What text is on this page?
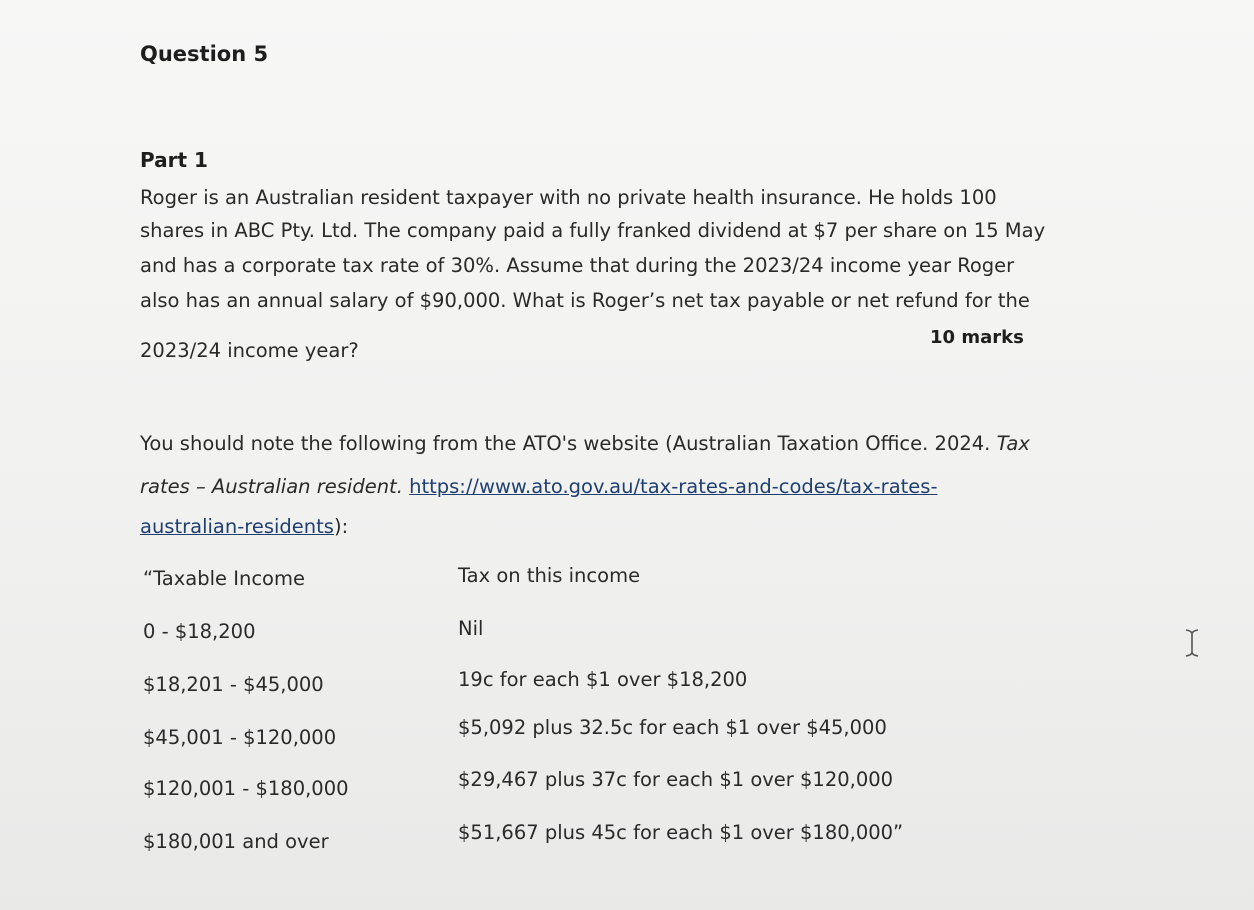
Question 5
Part 1
Roger is an Australian resident taxpayer with no private health insurance. He holds 100
shares in ABC Pty. Ltd. The company paid a fully franked dividend at $7 per share on 15 May
and has a corporate tax rate of 30%. Assume that during the 2023/24 income year Roger
also has an annual salary of $90,000. What is Roger’s net tax payable or net refund for the
2023/24 income year?
10 marks
You should note the following from the ATO's website (Australian Taxation Office. 2024. Tax
rates – Australian resident. https://www.ato.gov.au/tax-rates-and-codes/tax-rates-
australian-residents):
“Taxable Income	Tax on this income
0 - $18,200	Nil
$18,201 - $45,000	19c for each $1 over $18,200
$45,001 - $120,000	$5,092 plus 32.5c for each $1 over $45,000
$120,001 - $180,000	$29,467 plus 37c for each $1 over $120,000
$180,001 and over	$51,667 plus 45c for each $1 over $180,000”
